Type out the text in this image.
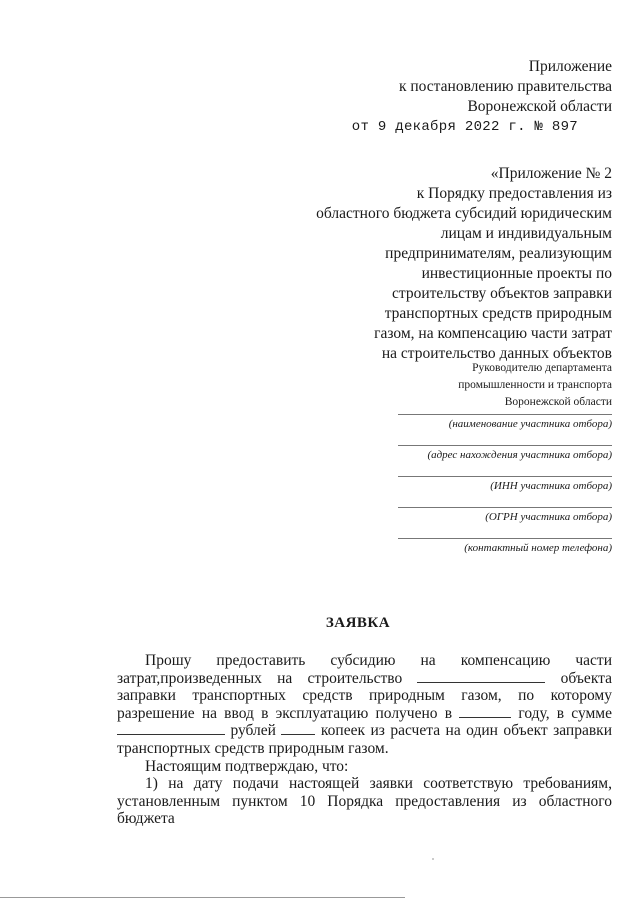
Приложение
к постановлению правительства
Воронежской области
от 9 декабря 2022 г. № 897
«Приложение № 2
к Порядку предоставления из
областного бюджета субсидий юридическим
лицам и индивидуальным
предпринимателям, реализующим
инвестиционные проекты по
строительству объектов заправки
транспортных средств природным
газом, на компенсацию части затрат
на строительство данных объектов
Руководителю департамента
промышленности и транспорта
Воронежской области
(наименование участника отбора)
(адрес нахождения участника отбора)
(ИНН участника отбора)
(ОГРН участника отбора)
(контактный номер телефона)
ЗАЯВКА

Прошу предоставить субсидию на компенсацию части затрат,произведенных на строительство	объекта заправки транспортных средств природным газом, по которому разрешение на ввод в эксплуатацию получено в	году, в сумме  рублей	копеек из расчета на один объект заправки транспортных средств природным газом.

Настоящим подтверждаю, что:

1) на дату подачи настоящей заявки соответствую требованиям, установленным пунктом 10 Порядка предоставления из областного бюджета
